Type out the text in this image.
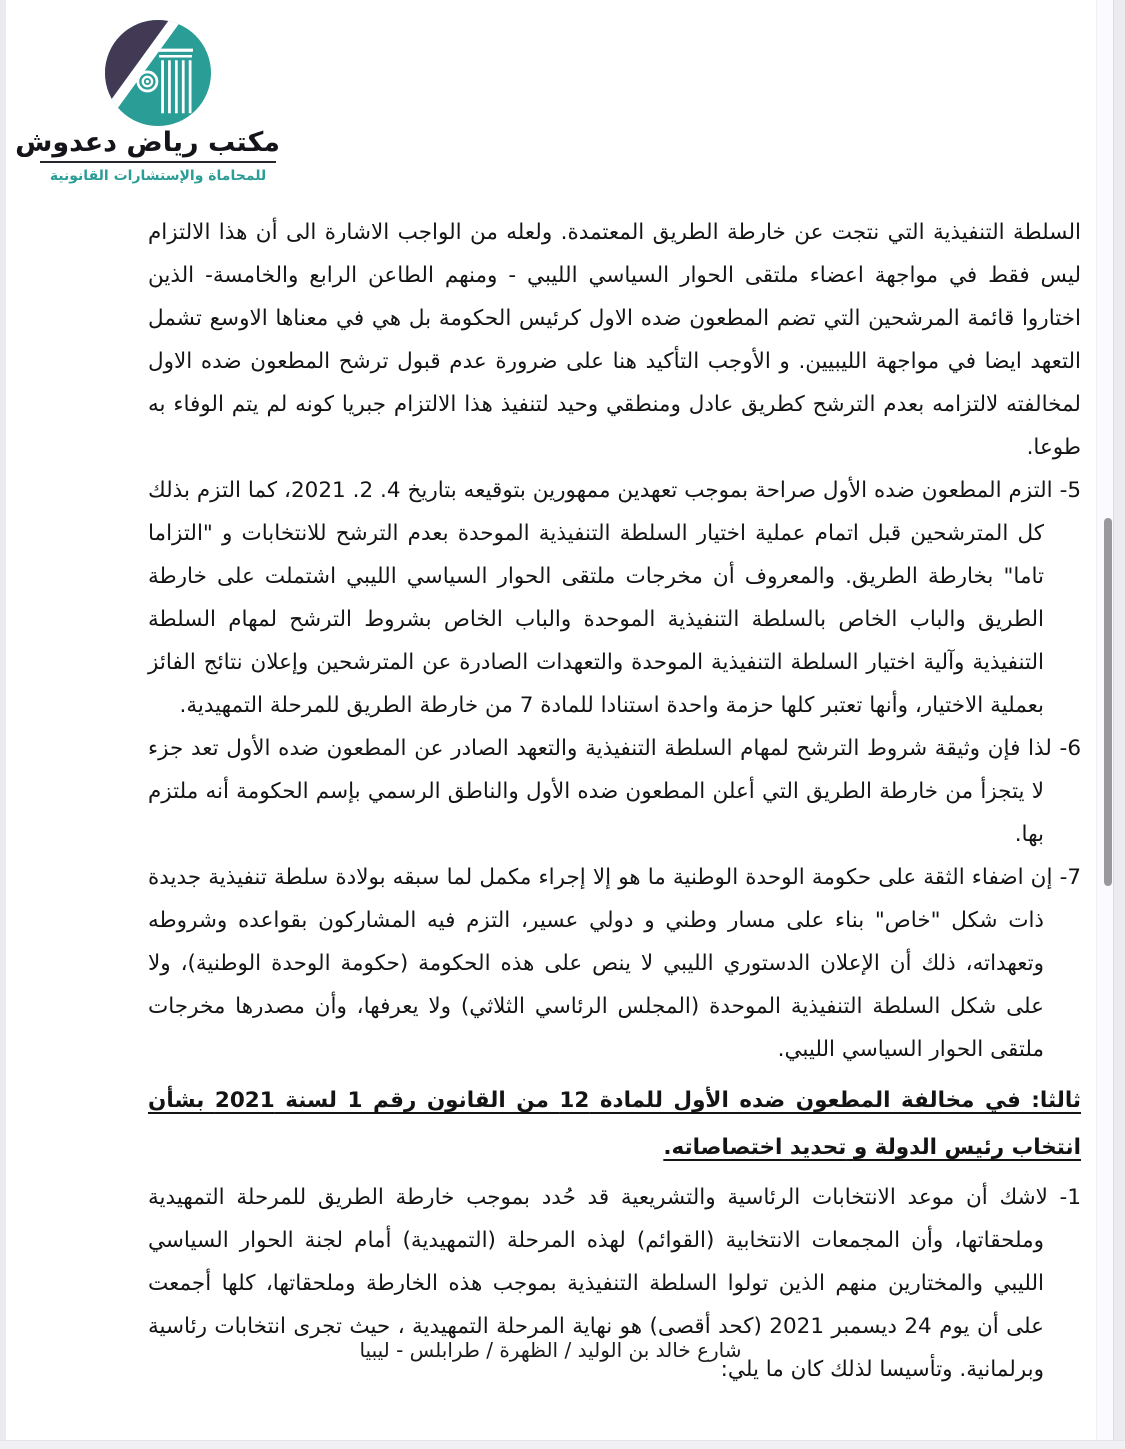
مكتب رياض دعدوش
للمحاماة والإستشارات القانونية

السلطة التنفيذية التي نتجت عن خارطة الطريق المعتمدة. ولعله من الواجب الاشارة الى أن هذا الالتزام ليس فقط في مواجهة اعضاء ملتقى الحوار السياسي الليبي - ومنهم الطاعن الرابع والخامسة- الذين اختاروا قائمة المرشحين التي تضم المطعون ضده الاول كرئيس الحكومة بل هي في معناها الاوسع تشمل التعهد ايضا في مواجهة الليبيين. و الأوجب التأكيد هنا على ضرورة عدم قبول ترشح المطعون ضده الاول لمخالفته لالتزامه بعدم الترشح كطريق عادل ومنطقي وحيد لتنفيذ هذا الالتزام جبريا كونه لم يتم الوفاء به طوعا.

5- التزم المطعون ضده الأول صراحة بموجب تعهدين ممهورين بتوقيعه بتاريخ 4. 2. 2021، كما التزم بذلك كل المترشحين قبل اتمام عملية اختيار السلطة التنفيذية الموحدة بعدم الترشح للانتخابات و "التزاما تاما" بخارطة الطريق. والمعروف أن مخرجات ملتقى الحوار السياسي الليبي اشتملت على خارطة الطريق والباب الخاص بالسلطة التنفيذية الموحدة والباب الخاص بشروط الترشح لمهام السلطة التنفيذية وآلية اختيار السلطة التنفيذية الموحدة والتعهدات الصادرة عن المترشحين وإعلان نتائج الفائز بعملية الاختيار، وأنها تعتبر كلها حزمة واحدة استنادا للمادة 7 من خارطة الطريق للمرحلة التمهيدية.
6- لذا فإن وثيقة شروط الترشح لمهام السلطة التنفيذية والتعهد الصادر عن المطعون ضده الأول تعد جزء لا يتجزأ من خارطة الطريق التي أعلن المطعون ضده الأول والناطق الرسمي بإسم الحكومة أنه ملتزم بها.
7- إن اضفاء الثقة على حكومة الوحدة الوطنية ما هو إلا إجراء مكمل لما سبقه بولادة سلطة تنفيذية جديدة ذات شكل "خاص" بناء على مسار وطني و دولي عسير، التزم فيه المشاركون بقواعده وشروطه وتعهداته، ذلك أن الإعلان الدستوري الليبي لا ينص على هذه الحكومة (حكومة الوحدة الوطنية)، ولا على شكل السلطة التنفيذية الموحدة (المجلس الرئاسي الثلاثي) ولا يعرفها، وأن مصدرها مخرجات ملتقى الحوار السياسي الليبي.
ثالثا: في مخالفة المطعون ضده الأول للمادة 12 من القانون رقم 1 لسنة 2021 بشأن انتخاب رئيس الدولة و تحديد اختصاصاته.
1- لاشك أن موعد الانتخابات الرئاسية والتشريعية قد حُدد بموجب خارطة الطريق للمرحلة التمهيدية وملحقاتها، وأن المجمعات الانتخابية (القوائم) لهذه المرحلة (التمهيدية) أمام لجنة الحوار السياسي الليبي والمختارين منهم الذين تولوا السلطة التنفيذية بموجب هذه الخارطة وملحقاتها، كلها أجمعت على أن يوم 24 ديسمبر 2021 (كحد أقصى) هو نهاية المرحلة التمهيدية ، حيث تجرى انتخابات رئاسية وبرلمانية. وتأسيسا لذلك كان ما يلي:
شارع خالد بن الوليد / الظهرة / طرابلس - ليبيا
